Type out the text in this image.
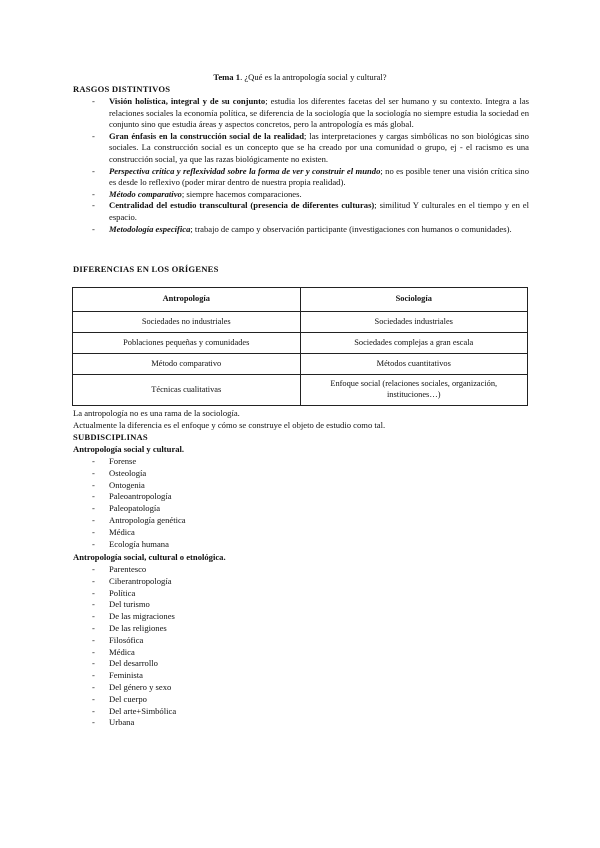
Tema 1. ¿Qué es la antropología social y cultural?
RASGOS DISTINTIVOS
- Visión holística, integral y de su conjunto; estudia los diferentes facetas del ser humano y su contexto. Integra a las relaciones sociales la economía política, se diferencia de la sociología que la sociología no siempre estudia la sociedad en conjunto sino que estudia áreas y aspectos concretos, pero la antropología es más global.
- Gran énfasis en la construcción social de la realidad; las interpretaciones y cargas simbólicas no son biológicas sino sociales. La construcción social es un concepto que se ha creado por una comunidad o grupo, ej - el racismo es una construcción social, ya que las razas biológicamente no existen.
- Perspectiva crítica y reflexividad sobre la forma de ver y construir el mundo; no es posible tener una visión crítica sino es desde lo reflexivo (poder mirar dentro de nuestra propia realidad).
- Método comparativo; siempre hacemos comparaciones.
- Centralidad del estudio transcultural (presencia de diferentes culturas); similitud Y culturales en el tiempo y en el espacio.
- Metodología específica; trabajo de campo y observación participante (investigaciones con humanos o comunidades).
DIFERENCIAS EN LOS ORÍGENES
Antropología	Sociología
Sociedades no industriales	Sociedades industriales
Poblaciones pequeñas y comunidades	Sociedades complejas a gran escala
Método comparativo	Métodos cuantitativos
Técnicas cualitativas	Enfoque social (relaciones sociales, organización, instituciones…)
La antropología no es una rama de la sociología.
Actualmente la diferencia es el enfoque y cómo se construye el objeto de estudio como tal.
SUBDISCIPLINAS
Antropología social y cultural.
- Forense
- Osteología
- Ontogenia
- Paleoantropología
- Paleopatología
- Antropología genética
- Médica
- Ecología humana
Antropología social, cultural o etnológica.
- Parentesco
- Ciberantropología
- Política
- Del turismo
- De las migraciones
- De las religiones
- Filosófica
- Médica
- Del desarrollo
- Feminista
- Del género y sexo
- Del cuerpo
- Del arte+Simbólica
- Urbana
